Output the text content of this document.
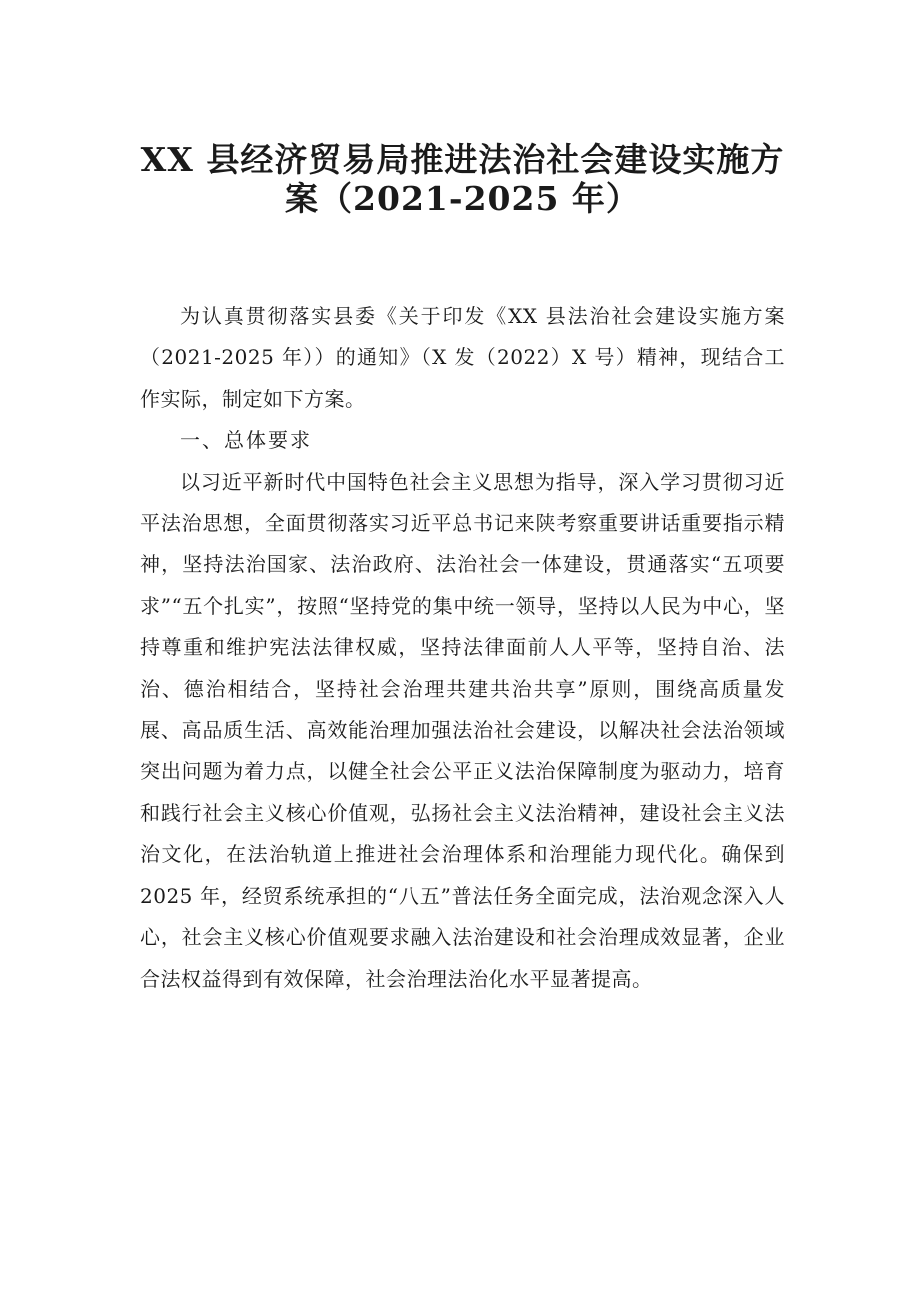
XX 县经济贸易局推进法治社会建设实施方
案（2021-2025 年）

为认真贯彻落实县委《关于印发《XX 县法治社会建设实施方案（2021-2025 年））的通知》（X 发（2022）X 号）精神，现结合工作实际，制定如下方案。

一、总体要求

以习近平新时代中国特色社会主义思想为指导，深入学习贯彻习近平法治思想，全面贯彻落实习近平总书记来陕考察重要讲话重要指示精神，坚持法治国家、法治政府、法治社会一体建设，贯通落实“五项要求”“五个扎实”，按照“坚持党的集中统一领导，坚持以人民为中心，坚持尊重和维护宪法法律权威，坚持法律面前人人平等，坚持自治、法治、德治相结合，坚持社会治理共建共治共享”原则，围绕高质量发展、高品质生活、高效能治理加强法治社会建设，以解决社会法治领域突出问题为着力点，以健全社会公平正义法治保障制度为驱动力，培育和践行社会主义核心价值观，弘扬社会主义法治精神，建设社会主义法治文化，在法治轨道上推进社会治理体系和治理能力现代化。确保到 2025 年，经贸系统承担的“八五”普法任务全面完成，法治观念深入人心，社会主义核心价值观要求融入法治建设和社会治理成效显著，企业合法权益得到有效保障，社会治理法治化水平显著提高。
